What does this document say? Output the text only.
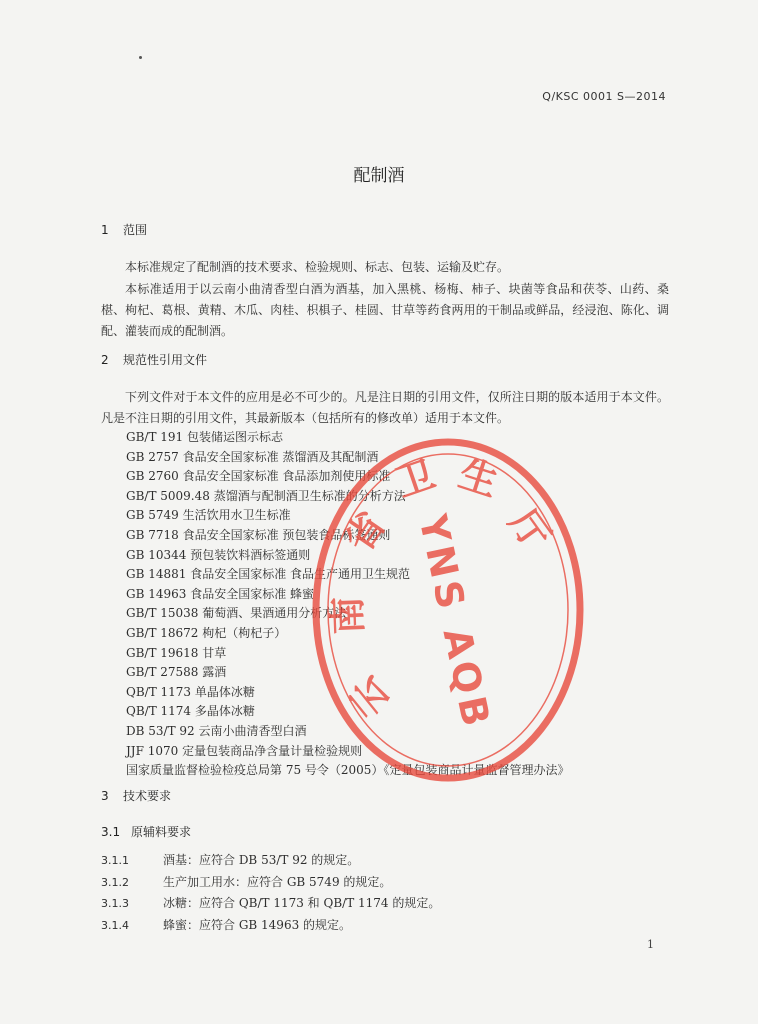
Q/KSC 0001 S—2014
配制酒
1 范围
本标准规定了配制酒的技术要求、检验规则、标志、包装、运输及贮存。
本标准适用于以云南小曲清香型白酒为酒基，加入黑桃、杨梅、柿子、块菌等食品和茯苓、山药、桑椹、枸杞、葛根、黄精、木瓜、肉桂、枳椇子、桂圆、甘草等药食两用的干制品或鲜品，经浸泡、陈化、调配、灌装而成的配制酒。
2 规范性引用文件
下列文件对于本文件的应用是必不可少的。凡是注日期的引用文件，仅所注日期的版本适用于本文件。凡是不注日期的引用文件，其最新版本（包括所有的修改单）适用于本文件。
GB/T 191 包装储运图示标志
GB 2757 食品安全国家标准 蒸馏酒及其配制酒
GB 2760 食品安全国家标准 食品添加剂使用标准
GB/T 5009.48 蒸馏酒与配制酒卫生标准的分析方法
GB 5749 生活饮用水卫生标准
GB 7718 食品安全国家标准 预包装食品标签通则
GB 10344 预包装饮料酒标签通则
GB 14881 食品安全国家标准 食品生产通用卫生规范
GB 14963 食品安全国家标准 蜂蜜
GB/T 15038 葡萄酒、果酒通用分析方法
GB/T 18672 枸杞（枸杞子）
GB/T 19618 甘草
GB/T 27588 露酒
QB/T 1173 单晶体冰糖
QB/T 1174 多晶体冰糖
DB 53/T 92 云南小曲清香型白酒
JJF 1070 定量包装商品净含量计量检验规则
国家质量监督检验检疫总局第 75 号令（2005）《定量包装商品计量监督管理办法》
3 技术要求
3.1 原辅料要求
3.1.1	酒基：应符合 DB 53/T 92 的规定。
3.1.2	生产加工用水：应符合 GB 5749 的规定。
3.1.3	冰糖：应符合 QB/T 1173 和 QB/T 1174 的规定。
3.1.4	蜂蜜：应符合 GB 14963 的规定。
1
YNS AQB
云
南
省
卫 生
厅
